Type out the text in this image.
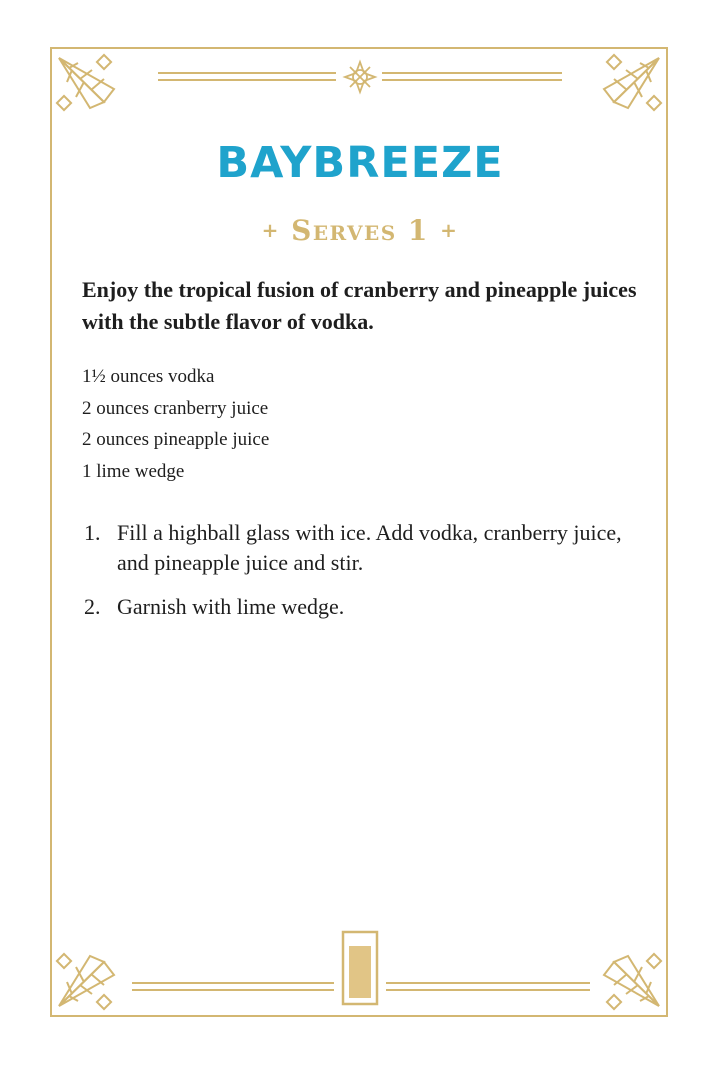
BAYBREEZE
+ Serves 1 +

Enjoy the tropical fusion of cranberry and pineapple juices with the subtle flavor of vodka.

1½ ounces vodka
2 ounces cranberry juice
2 ounces pineapple juice
1 lime wedge
1. Fill a highball glass with ice. Add vodka, cranberry juice, and pineapple juice and stir.
2. Garnish with lime wedge.
